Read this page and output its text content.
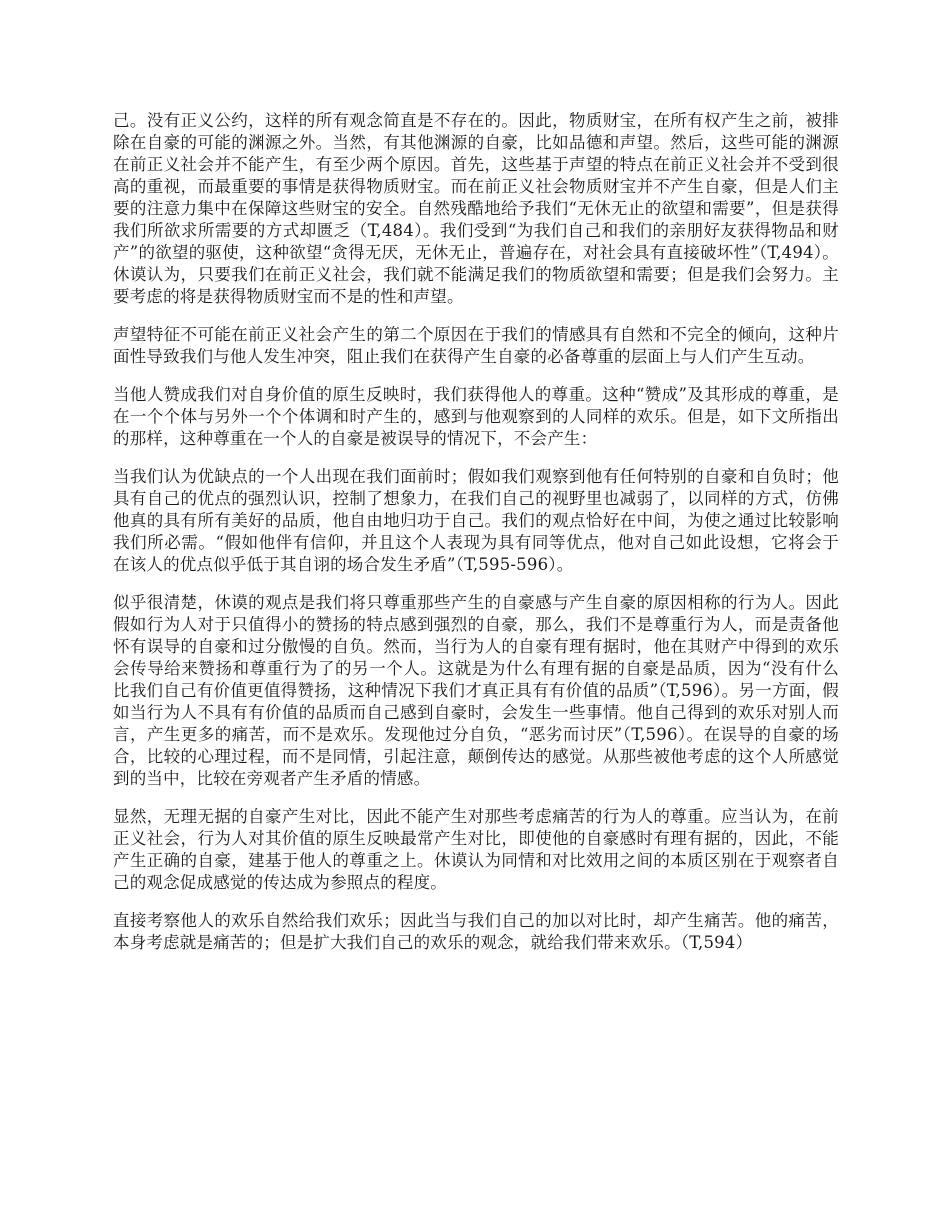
己。没有正义公约，这样的所有观念简直是不存在的。因此，物质财宝，在所有权产生之前，被排除在自豪的可能的渊源之外。当然，有其他渊源的自豪，比如品德和声望。然后，这些可能的渊源在前正义社会并不能产生，有至少两个原因。首先，这些基于声望的特点在前正义社会并不受到很高的重视，而最重要的事情是获得物质财宝。而在前正义社会物质财宝并不产生自豪，但是人们主要的注意力集中在保障这些财宝的安全。自然残酷地给予我们“无休无止的欲望和需要”，但是获得我们所欲求所需要的方式却匮乏（T,484）。我们受到“为我们自己和我们的亲朋好友获得物品和财产”的欲望的驱使，这种欲望“贪得无厌，无休无止，普遍存在，对社会具有直接破坏性”（T,494）。休谟认为，只要我们在前正义社会，我们就不能满足我们的物质欲望和需要；但是我们会努力。主要考虑的将是获得物质财宝而不是的性和声望。

声望特征不可能在前正义社会产生的第二个原因在于我们的情感具有自然和不完全的倾向，这种片面性导致我们与他人发生冲突，阻止我们在获得产生自豪的必备尊重的层面上与人们产生互动。

当他人赞成我们对自身价值的原生反映时，我们获得他人的尊重。这种“赞成”及其形成的尊重，是在一个个体与另外一个个体调和时产生的，感到与他观察到的人同样的欢乐。但是，如下文所指出的那样，这种尊重在一个人的自豪是被误导的情况下，不会产生：

当我们认为优缺点的一个人出现在我们面前时；假如我们观察到他有任何特别的自豪和自负时；他具有自己的优点的强烈认识，控制了想象力，在我们自己的视野里也减弱了，以同样的方式，仿佛他真的具有所有美好的品质，他自由地归功于自己。我们的观点恰好在中间，为使之通过比较影响我们所必需。“假如他伴有信仰，并且这个人表现为具有同等优点，他对自己如此设想，它将会于在该人的优点似乎低于其自诩的场合发生矛盾”（T,595-596）。

似乎很清楚，休谟的观点是我们将只尊重那些产生的自豪感与产生自豪的原因相称的行为人。因此假如行为人对于只值得小的赞扬的特点感到强烈的自豪，那么，我们不是尊重行为人，而是责备他怀有误导的自豪和过分傲慢的自负。然而，当行为人的自豪有理有据时，他在其财产中得到的欢乐会传导给来赞扬和尊重行为了的另一个人。这就是为什么有理有据的自豪是品质，因为“没有什么比我们自己有价值更值得赞扬，这种情况下我们才真正具有有价值的品质”（T,596）。另一方面，假如当行为人不具有有价值的品质而自己感到自豪时，会发生一些事情。他自己得到的欢乐对别人而言，产生更多的痛苦，而不是欢乐。发现他过分自负，“恶劣而讨厌”（T,596）。在误导的自豪的场合，比较的心理过程，而不是同情，引起注意，颠倒传达的感觉。从那些被他考虑的这个人所感觉到的当中，比较在旁观者产生矛盾的情感。

显然，无理无据的自豪产生对比，因此不能产生对那些考虑痛苦的行为人的尊重。应当认为，在前正义社会，行为人对其价值的原生反映最常产生对比，即使他的自豪感时有理有据的，因此，不能产生正确的自豪，建基于他人的尊重之上。休谟认为同情和对比效用之间的本质区别在于观察者自己的观念促成感觉的传达成为参照点的程度。

直接考察他人的欢乐自然给我们欢乐；因此当与我们自己的加以对比时，却产生痛苦。他的痛苦，本身考虑就是痛苦的；但是扩大我们自己的欢乐的观念，就给我们带来欢乐。（T,594）
